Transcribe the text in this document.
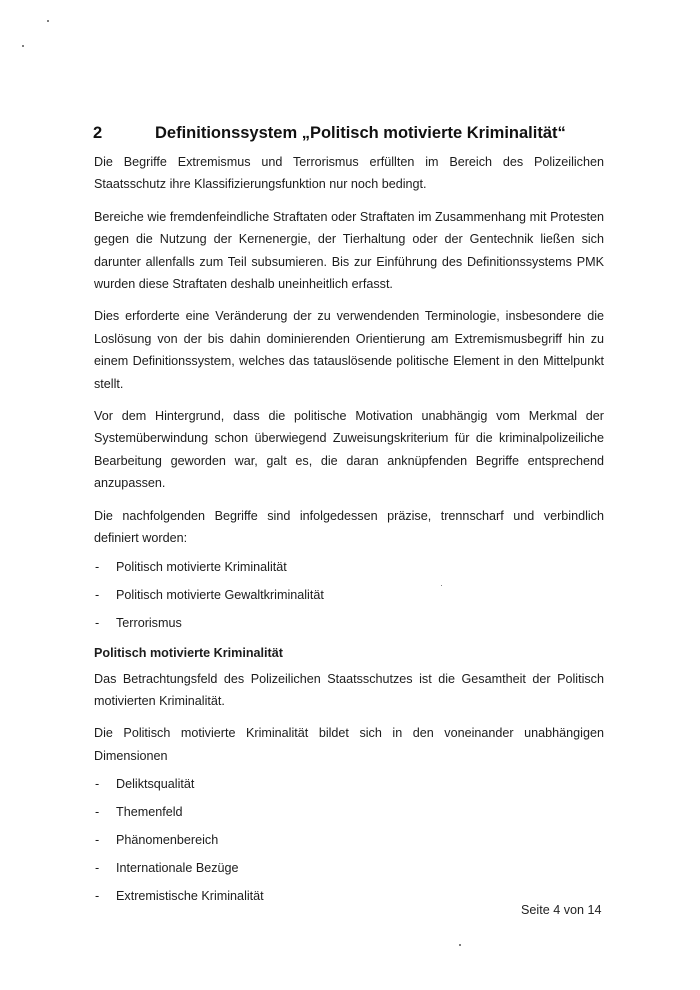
2	Definitionssystem „Politisch motivierte Kriminalität“

Die Begriffe Extremismus und Terrorismus erfüllten im Bereich des Polizeilichen Staatsschutz ihre Klassifizierungsfunktion nur noch bedingt.

Bereiche wie fremdenfeindliche Straftaten oder Straftaten im Zusammenhang mit Protesten gegen die Nutzung der Kernenergie, der Tierhaltung oder der Gentechnik ließen sich darunter allenfalls zum Teil subsumieren. Bis zur Einführung des Definitionssystems PMK wurden diese Straftaten deshalb uneinheitlich erfasst.

Dies erforderte eine Veränderung der zu verwendenden Terminologie, insbesondere die Loslösung von der bis dahin dominierenden Orientierung am Extremismusbegriff hin zu einem Definitionssystem, welches das tatauslösende politische Element in den Mittelpunkt stellt.

Vor dem Hintergrund, dass die politische Motivation unabhängig vom Merkmal der Systemüberwindung schon überwiegend Zuweisungskriterium für die kriminalpolizeiliche Bearbeitung geworden war, galt es, die daran anknüpfenden Begriffe entsprechend anzupassen.

Die nachfolgenden Begriffe sind infolgedessen präzise, trennscharf und verbindlich definiert worden:

- Politisch motivierte Kriminalität
- Politisch motivierte Gewaltkriminalität
- Terrorismus
Politisch motivierte Kriminalität

Das Betrachtungsfeld des Polizeilichen Staatsschutzes ist die Gesamtheit der Politisch motivierten Kriminalität.

Die Politisch motivierte Kriminalität bildet sich in den voneinander unabhängigen Dimensionen

- Deliktsqualität
- Themenfeld
- Phänomenbereich
- Internationale Bezüge
- Extremistische Kriminalität
Seite 4 von 14
